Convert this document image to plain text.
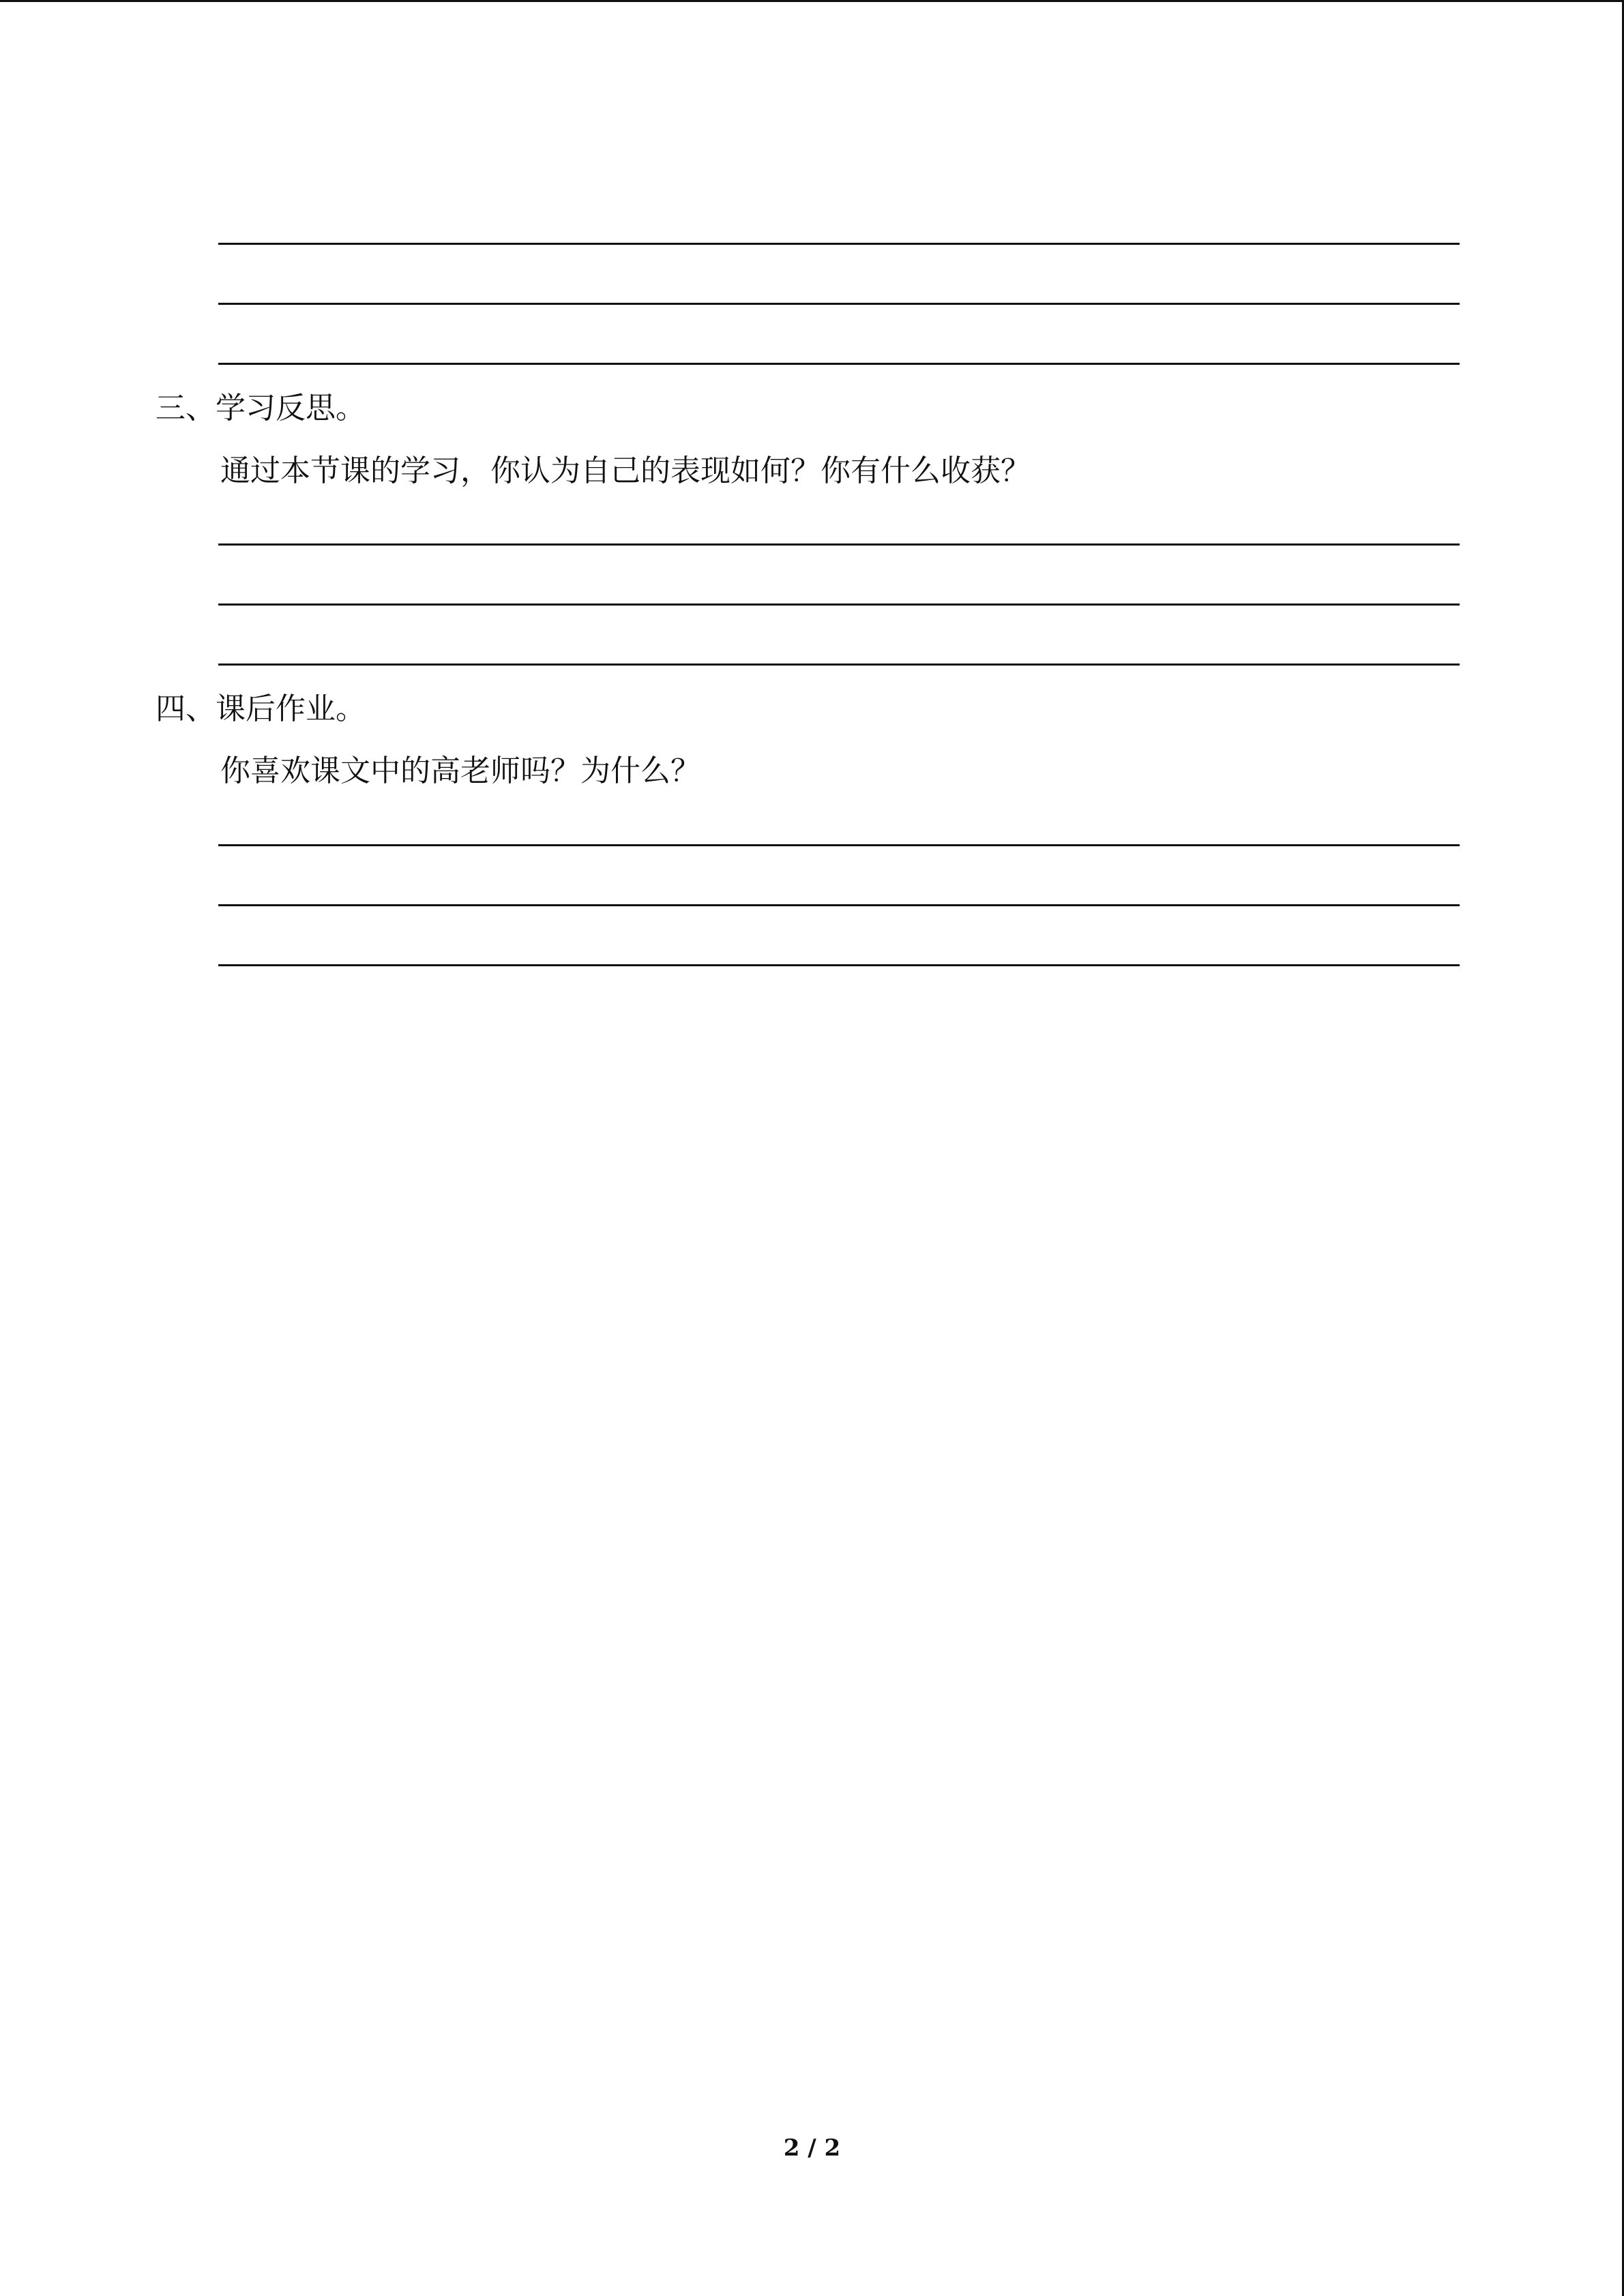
三、学习反思。
通过本节课的学习，你认为自己的表现如何？你有什么收获？
四、课后作业。
你喜欢课文中的高老师吗？为什么？
2 / 2
